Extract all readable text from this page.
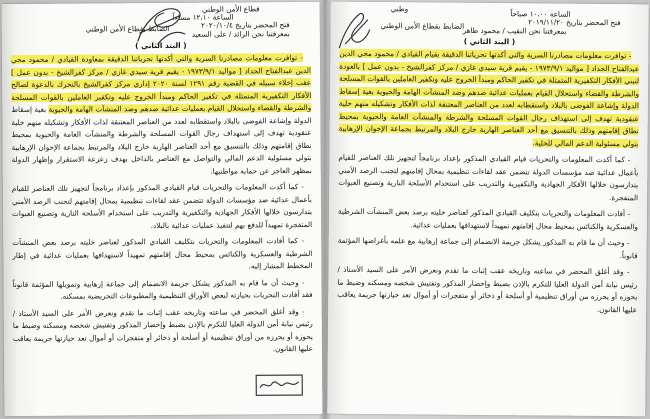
قطاع الأمن الوطني
الساعة ١٢،١٠ مساءاً
فتح المحضر بتاريخ ٢٠٢٠/١٠/٤
الضابط بقطاع الأمن الوطني
بمعرفتنا نحن الرائد / على السعيد
( البند الثاني )

- توافرت معلومات مصادرنا السرية والتي أكدتها تحرياتنا الدقيقة بمعاودة القيادي / محمود محي الدين عبدالفتاح الحداد [ مواليد ١٩٧٣/٩/١ - يقيم قرية سيدي غازي / مركز كفرالشيخ - بدون عمل ] عقب إخلاء سبيله في القضية رقم ١٢٩١ لسنة ٢٠٢٠ إداري مركز كفرالشيخ بالتحرك بالدعوة لصالح الأفكار التكفيرية المتمثلة في تكفير الحاكم ومبدأ الخروج عليه وتكفير العاملين بالقوات المسلحة والشرطة والقضاء واستحلال القيام بعمليات عدائية ضدهم وضد المنشآت الهامة والحيوية بغية إسقاط الدولة وإشاعة الفوضى بالبلاد واستقطابه لعدد من العناصر المعتنقة لذات الأفكار وتشكيله منهم خلية عنقودية تهدف إلى استهداف رجال القوات المسلحة والشرطة والمنشآت العامة والحيوية بمحيط نطاق إقامتهم وذلك بالتنسيق مع أحد العناصر الهاربة خارج البلاد والمرتبط بجماعة الإخوان الإرهابية بتولي مسئولية الدعم المالي والتواصل مع العناصر بالداخل بهدف زعزعة الاستقرار وإظهار الدولة بمظهر العاجز عن حماية مواطنيها.

- كما أكدت المعلومات والتحريات قيام القيادي المذكور بإعداد برنامجاً لتجهيز تلك العناصر للقيام بأعمال عدائية ضد مؤسسات الدولة تتضمن عقد لقاءات تنظيمية بمحال إقامتهم لتجنب الرصد الأمني يتدارسون خلالها الأفكار الجهادية والتكفيرية والتدريب على استخدام الأسلحة النارية وتصنيع العبوات المتفجرة تمهيداً للدفع بهم لتنفيذ عمليات عدائية بالبلاد.

- كما أفادت المعلومات والتحريات بتكليف القيادي المذكور لعناصر خليته برصد بعض المنشآت الشرطية والعسكرية والكنائس بمحيط محال إقامتهم تمهيداً لاستهدافها بعمليات عدائية في إطار المخطط المشار إليه.

- وحيث أن ما قام به المذكور يشكل جريمة الانضمام إلى جماعة إرهابية وتمويلها المؤثمة قانوناً فقد أفادت التحريات بحيازته لبعض الأوراق التنظيمية والمطبوعات التحريضية بمسكنه.

- وقد أغلق المحضر في ساعته وتاريخه عقب إثبات ما تقدم ونعرض الأمر على السيد الأستاذ / رئيس نيابة أمن الدولة العليا للتكرم بالإذن بضبط وإحضار المذكور وتفتيش شخصه ومسكنه وضبط ما يحوزه أو يحرزه من أوراق تنظيمية أو أسلحة أو ذخائر أو متفجرات أو أموال تعد حيازتها جريمة يعاقب عليها القانون.

وطني
الساعة ١٠،٠٠ صباحاً
فتح المحضر بتاريخ ٢٠١٩/١١/٢٠
الضابط بقطاع الأمن الوطني
بمعرفتنا نحن النقيب / محمود طاهر
( البند الثاني )

- توافرت معلومات مصادرنا السرية والتي أكدتها تحرياتنا الدقيقة بقيام القيادي / محمود محي الدين عبدالفتاح الحداد [ مواليد ١٩٧٣/٩/١ - يقيم قرية سيدي غازي / مركز كفرالشيخ - بدون عمل ] بالعودة لتبني الأفكار التكفيرية المتمثلة في تكفير الحاكم ومبدأ الخروج عليه وتكفير العاملين بالقوات المسلحة والشرطة والقضاء واستحلال القيام بعمليات عدائية ضدهم وضد المنشآت الهامة والحيوية بغية إسقاط الدولة وإشاعة الفوضى بالبلاد واستقطابه لعدد من العناصر المعتنقة لذات الأفكار وتشكيله منهم خلية عنقودية تهدف إلى استهداف رجال القوات المسلحة والشرطة والمنشآت العامة والحيوية بمحيط نطاق إقامتهم وذلك بالتنسيق مع أحد العناصر الهاربة خارج البلاد والمرتبط بجماعة الإخوان الإرهابية بتولي مسئولية الدعم المالي للخلية.

- كما أكدت المعلومات والتحريات قيام القيادي المذكور بإعداد برنامجاً لتجهيز تلك العناصر للقيام بأعمال عدائية ضد مؤسسات الدولة تتضمن عقد لقاءات تنظيمية بمحال إقامتهم لتجنب الرصد الأمني يتدارسون خلالها الأفكار الجهادية والتكفيرية والتدريب على استخدام الأسلحة النارية وتصنيع العبوات المتفجرة.

- أفادت المعلومات والتحريات بتكليف القيادي المذكور لعناصر خليته برصد بعض المنشآت الشرطية والعسكرية والكنائس بمحيط محال إقامتهم تمهيداً لاستهدافها بعمليات عدائية.

- وحيث أن ما قام به المذكور يشكل جريمة الانضمام إلى جماعة إرهابية مع علمه بأغراضها المؤثمة قانوناً.

- وقد أغلق المحضر في ساعته وتاريخه عقب إثبات ما تقدم ونعرض الأمر على السيد الأستاذ / رئيس نيابة أمن الدولة العليا للتكرم بالإذن بضبط وإحضار المذكور وتفتيش شخصه ومسكنه وضبط ما يحوزه أو يحرزه من أوراق تنظيمية أو أسلحة أو ذخائر أو متفجرات أو أموال تعد حيازتها جريمة يعاقب عليها القانون.
